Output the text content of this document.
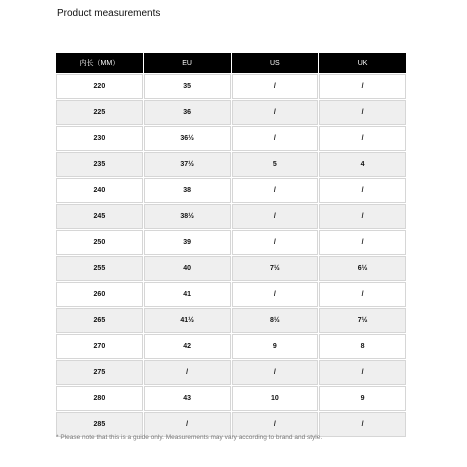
Product measurements
内长（MM）	EU	US	UK
220	35	/	/
225	36	/	/
230	36½	/	/
235	37½	5	4
240	38	/	/
245	38½	/	/
250	39	/	/
255	40	7½	6½
260	41	/	/
265	41½	8½	7½
270	42	9	8
275	/	/	/
280	43	10	9
285	/	/	/
* Please note that this is a guide only. Measurements may vary according to brand and style.
